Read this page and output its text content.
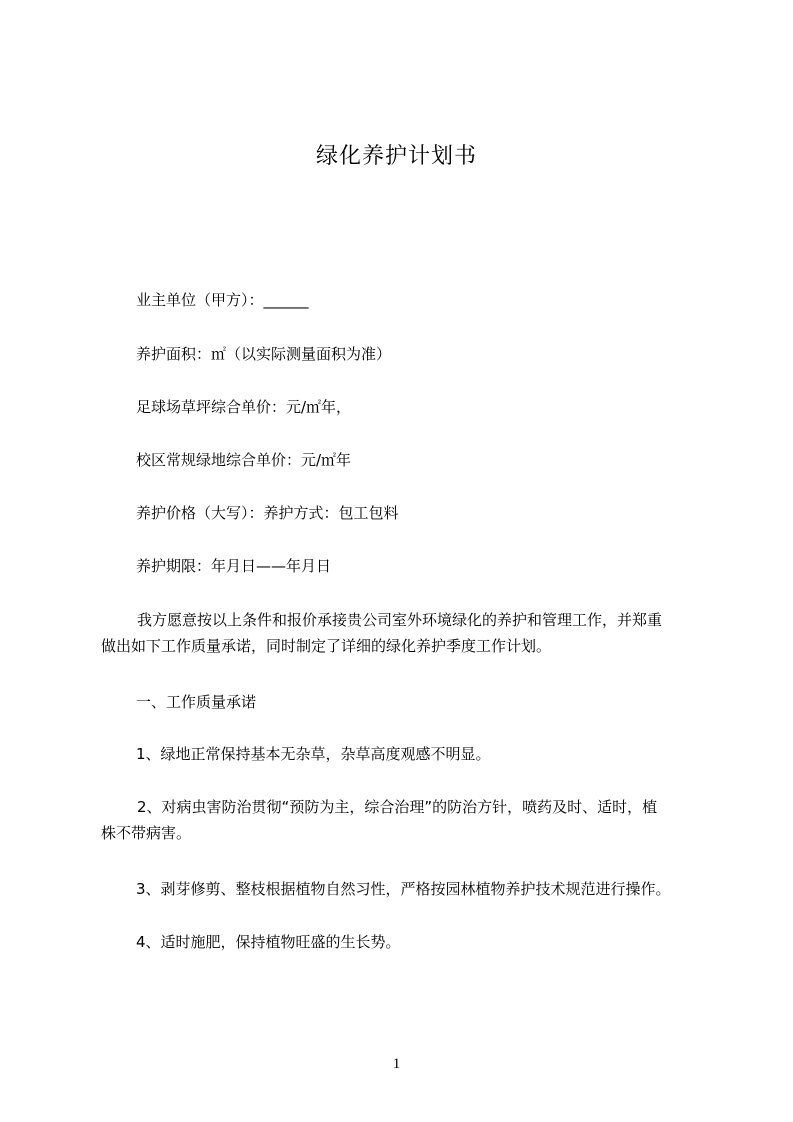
绿化养护计划书
业主单位（甲方）：______
养护面积：㎡（以实际测量面积为准）
足球场草坪综合单价：元/㎡年，
校区常规绿地综合单价：元/㎡年
养护价格（大写）：养护方式：包工包料
养护期限：年月日——年月日
我方愿意按以上条件和报价承接贵公司室外环境绿化的养护和管理工作，并郑重
做出如下工作质量承诺，同时制定了详细的绿化养护季度工作计划。
一、工作质量承诺
1、绿地正常保持基本无杂草，杂草高度观感不明显。
2、对病虫害防治贯彻“预防为主，综合治理”的防治方针，喷药及时、适时，植
株不带病害。
3、剥芽修剪、整枝根据植物自然习性，严格按园林植物养护技术规范进行操作。
4、适时施肥，保持植物旺盛的生长势。
1
